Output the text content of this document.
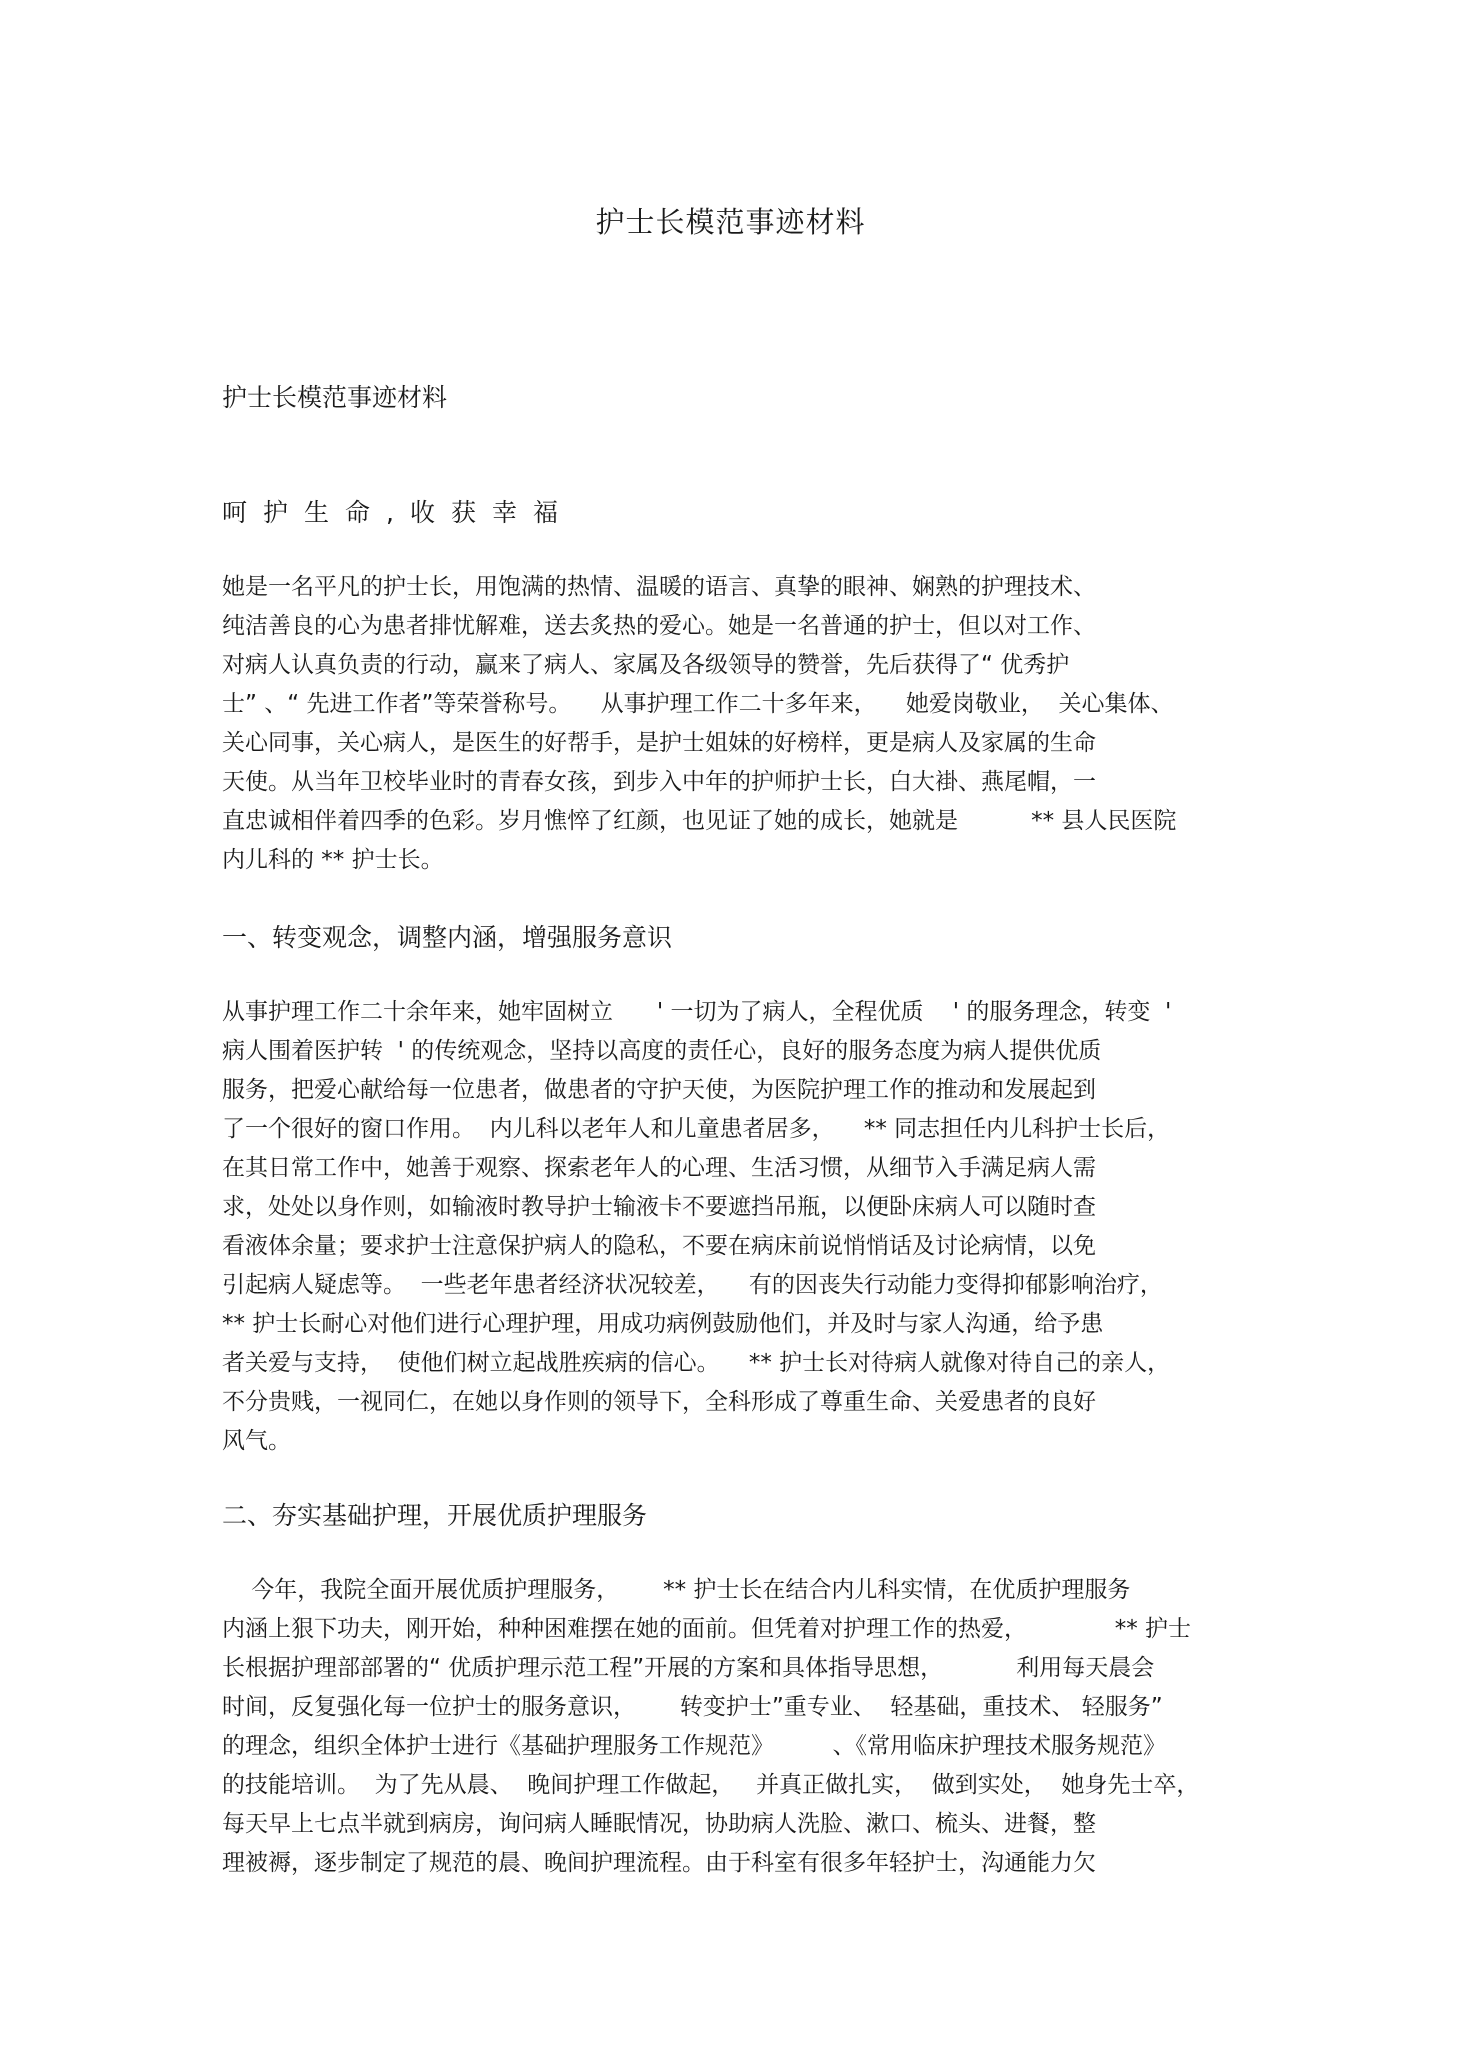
护士长模范事迹材料
护士长模范事迹材料
呵护生命,收获幸福
她是一名平凡的护士长，用饱满的热情、温暖的语言、真挚的眼神、娴熟的护理技术、
纯洁善良的心为患者排忧解难，送去炙热的爱心。她是一名普通的护士，但以对工作、
对病人认真负责的行动，赢来了病人、家属及各级领导的赞誉，先后获得了“ 优秀护
士” 、“ 先进工作者”等荣誉称号。    从事护理工作二十多年来，    她爱岗敬业，  关心集体、
关心同事，关心病人，是医生的好帮手，是护士姐妹的好榜样，更是病人及家属的生命
天使。从当年卫校毕业时的青春女孩，到步入中年的护师护士长，白大褂、燕尾帽，一
直忠诚相伴着四季的色彩。岁月憔悴了红颜，也见证了她的成长，她就是          ** 县人民医院
内儿科的 ** 护士长。
一、转变观念，调整内涵，增强服务意识
从事护理工作二十余年来，她牢固树立      ' 一切为了病人，全程优质    ' 的服务理念，转变  '
病人围着医护转  ' 的传统观念，坚持以高度的责任心，良好的服务态度为病人提供优质
服务，把爱心献给每一位患者，做患者的守护天使，为医院护理工作的推动和发展起到
了一个很好的窗口作用。  内儿科以老年人和儿童患者居多，    ** 同志担任内儿科护士长后，
在其日常工作中，她善于观察、探索老年人的心理、生活习惯，从细节入手满足病人需
求，处处以身作则，如输液时教导护士输液卡不要遮挡吊瓶，以便卧床病人可以随时查
看液体余量；要求护士注意保护病人的隐私，不要在病床前说悄悄话及讨论病情，以免
引起病人疑虑等。  一些老年患者经济状况较差，    有的因丧失行动能力变得抑郁影响治疗，
** 护士长耐心对他们进行心理护理，用成功病例鼓励他们，并及时与家人沟通，给予患
者关爱与支持，  使他们树立起战胜疾病的信心。    ** 护士长对待病人就像对待自己的亲人，
不分贵贱，一视同仁，在她以身作则的领导下，全科形成了尊重生命、关爱患者的良好
风气。
二、夯实基础护理，开展优质护理服务
今年，我院全面开展优质护理服务，      ** 护士长在结合内儿科实情，在优质护理服务
内涵上狠下功夫，刚开始，种种困难摆在她的面前。但凭着对护理工作的热爱，            ** 护士
长根据护理部部署的“ 优质护理示范工程”开展的方案和具体指导思想，          利用每天晨会
时间，反复强化每一位护士的服务意识，      转变护士”重专业、  轻基础，重技术、 轻服务”
的理念，组织全体护士进行《基础护理服务工作规范》        、《常用临床护理技术服务规范》
的技能培训。  为了先从晨、  晚间护理工作做起，   并真正做扎实，  做到实处，  她身先士卒，
每天早上七点半就到病房，询问病人睡眠情况，协助病人洗脸、漱口、梳头、进餐，整
理被褥，逐步制定了规范的晨、晚间护理流程。由于科室有很多年轻护士，沟通能力欠
